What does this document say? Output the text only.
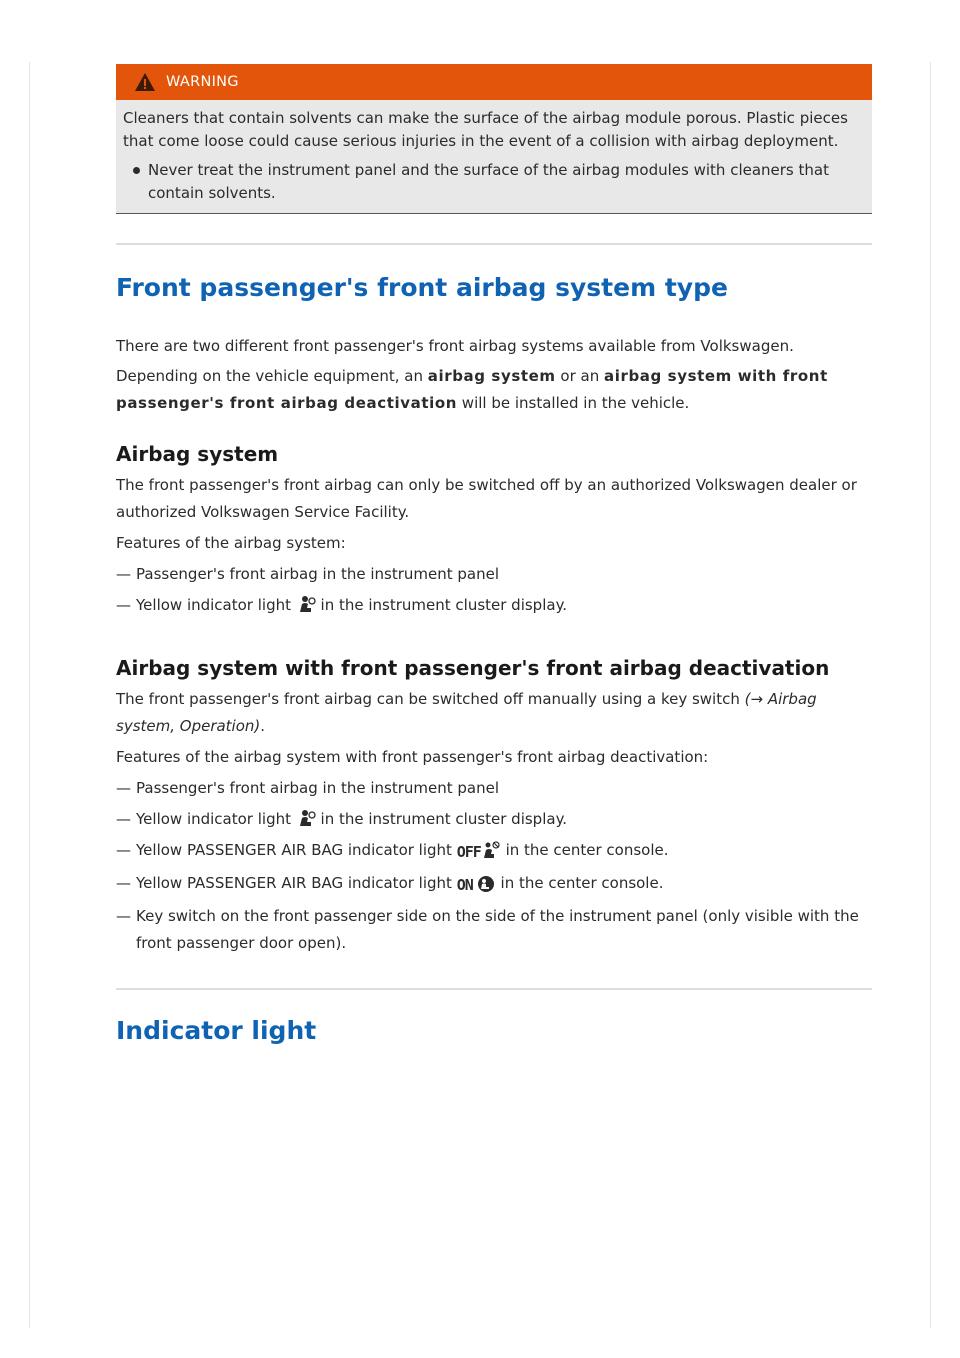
WARNING

Cleaners that contain solvents can make the surface of the airbag module porous. Plastic pieces that come loose could cause serious injuries in the event of a collision with airbag deployment.

Never treat the instrument panel and the surface of the airbag modules with cleaners that contain solvents.
Front passenger's front airbag system type

There are two different front passenger's front airbag systems available from Volkswagen.

Depending on the vehicle equipment, an airbag system or an airbag system with front passenger's front airbag deactivation will be installed in the vehicle.

Airbag system

The front passenger's front airbag can only be switched off by an authorized Volkswagen dealer or authorized Volkswagen Service Facility.

Features of the airbag system:

— Passenger's front airbag in the instrument panel
— Yellow indicator light  in the instrument cluster display.
Airbag system with front passenger's front airbag deactivation

The front passenger's front airbag can be switched off manually using a key switch (→ Airbag system, Operation).

Features of the airbag system with front passenger's front airbag deactivation:

— Passenger's front airbag in the instrument panel
— Yellow indicator light  in the instrument cluster display.
— Yellow PASSENGER AIR BAG indicator light OFF in the center console.
— Yellow PASSENGER AIR BAG indicator light ON in the center console.
— Key switch on the front passenger side on the side of the instrument panel (only visible with the front passenger door open).
Indicator light
